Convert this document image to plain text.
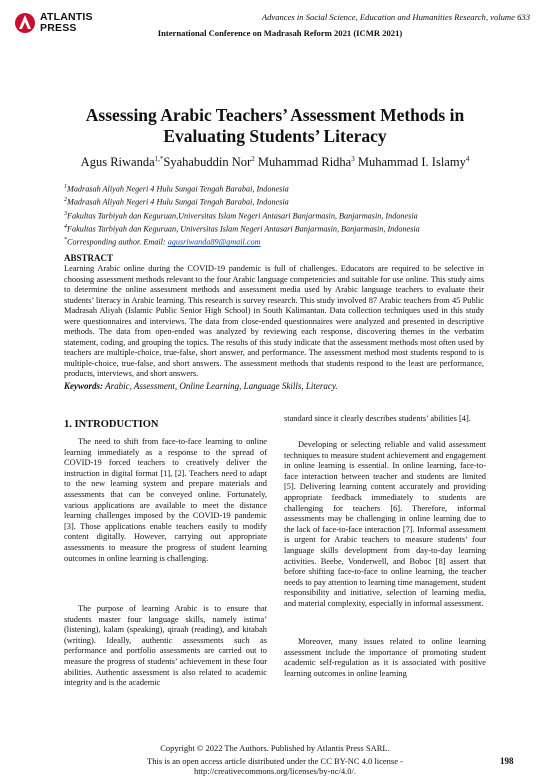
ATLANTIS
PRESS
Advances in Social Science, Education and Humanities Research, volume 633
International Conference on Madrasah Reform 2021 (ICMR 2021)
Assessing Arabic Teachers’ Assessment Methods in
Evaluating Students’ Literacy
Agus Riwanda$^{1,*}$Syahabuddin Nor$^2$ Muhammad Ridha$^3$ Muhammad I. Islamy$^4$
$^1$Madrasah Aliyah Negeri 4 Hulu Sungai Tengah Barabai, Indonesia
$^2$Madrasah Aliyah Negeri 4 Hulu Sungai Tengah Barabai, Indonesia
$^3$Fakultas Tarbiyah dan Keguruan,Universitas Islam Negeri Antasari Banjarmasin, Banjarmasin, Indonesia
$^4$Fakultas Tarbiyah dan Keguruan, Universitas Islam Negeri Antasari Banjarmasin, Banjarmasin, Indonesia
*Corresponding author. Email: agusriwanda89@gmail.com
ABSTRACT
Learning Arabic online during the COVID-19 pandemic is full of challenges. Educators are required to be selective in choosing assessment methods relevant to the four Arabic language competencies and suitable for use online. This study aims to determine the online assessment methods and assessment media used by Arabic language teachers to evaluate their students’ literacy in Arabic learning. This research is survey research. This study involved 87 Arabic teachers from 45 Public Madrasah Aliyah (Islamic Public Senior High School) in South Kalimantan. Data collection techniques used in this study were questionnaires and interviews. The data from close-ended questionnaires were analyzed and presented in descriptive methods. The data from open-ended was analyzed by reviewing each response, discovering themes in the verbatim statement, coding, and grouping the topics. The results of this study indicate that the assessment methods most often used by teachers are multiple-choice, true-false, short answer, and performance. The assessment method most students respond to is multiple-choice, true-false, and short answers. The assessment methods that students respond to the least are performance, products, interviews, and short answers.
Keywords: Arabic, Assessment, Online Learning, Language Skills, Literacy.
1. INTRODUCTION

The need to shift from face-to-face learning to online learning immediately as a response to the spread of COVID-19 forced teachers to creatively deliver the instruction in digital format [1], [2]. Teachers need to adapt to the new learning system and prepare materials and assessments that can be conveyed online. Fortunately, various applications are available to meet the distance learning challenges imposed by the COVID-19 pandemic [3]. Those applications enable teachers easily to modify content digitally. However, carrying out appropriate assessments to measure the progress of student learning outcomes in online learning is challenging.

The purpose of learning Arabic is to ensure that students master four language skills, namely istima’ (listening), kalam (speaking), qiraah (reading), and kitabah (writing). Ideally, authentic assessments such as performance and portfolio assessments are carried out to measure the progress of students’ achievement in these four abilities. Authentic assessment is also related to academic integrity and is the academic

standard since it clearly describes students’ abilities [4].

Developing or selecting reliable and valid assessment techniques to measure student achievement and engagement in online learning is essential. In online learning, face-to-face interaction between teacher and students are limited [5]. Delivering learning content accurately and providing appropriate feedback immediately to students are challenging for teachers [6]. Therefore, informal assessments may be challenging in online learning due to the lack of face-to-face interaction [7]. Informal assessment is urgent for Arabic teachers to measure students’ four language skills development from day-to-day learning activities. Beebe, Vonderwell, and Boboc [8] assert that before shifting face-to-face to online learning, the teacher needs to pay attention to learning time management, student responsibility and initiative, selection of learning media, and material complexity, especially in informal assessment.

Moreover, many issues related to online learning assessment include the importance of promoting student academic self-regulation as it is associated with positive learning outcomes in online learning

Copyright © 2022 The Authors. Published by Atlantis Press SARL.
This is an open access article distributed under the CC BY-NC 4.0 license -http://creativecommons.org/licenses/by-nc/4.0/.
198
